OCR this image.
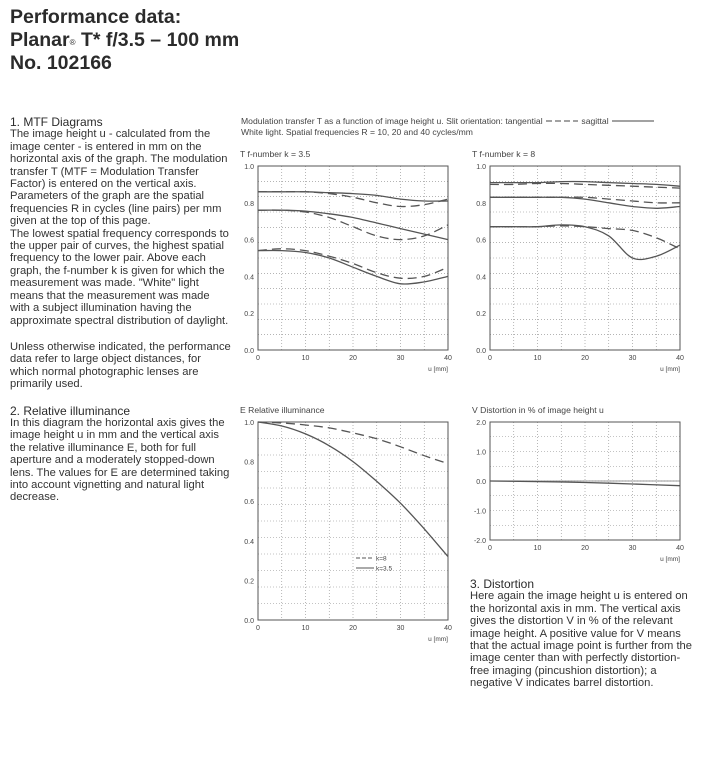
Performance data:
Planar® T* f/3.5 – 100 mm
No. 102166

1. MTF Diagrams

The image height u - calculated from the image center - is entered in mm on the horizontal axis of the graph. The modulation transfer T (MTF = Modulation Transfer Factor) is entered on the vertical axis. Parameters of the graph are the spatial frequencies R in cycles (line pairs) per mm given at the top of this page.

The lowest spatial frequency corresponds to the upper pair of curves, the highest spatial frequency to the lower pair. Above each graph, the f-number k is given for which the measurement was made. "White" light means that the measurement was made with a subject illumination having the approximate spectral distribution of daylight.

Unless otherwise indicated, the performance data refer to large object distances, for which normal photographic lenses are primarily used.

2. Relative illuminance

In this diagram the horizontal axis gives the image height u in mm and the vertical axis the relative illuminance E, both for full aperture and a moderately stopped-down lens. The values for E are determined taking into account vignetting and natural light decrease.

Modulation transfer T as a function of image height u. Slit orientation: tangential	sagittal
White light. Spatial frequencies R = 10, 20 and 40 cycles/mm
T f-number k = 3.5
0.0
0.2
0.4
0.6
0.8
1.0
0	10	20	30	40
u [mm]
T f-number k = 8
0.0
0.2
0.4
0.6
0.8
1.0
0	10	20	30	40
u [mm]
E Relative illuminance
0.0
0.2
0.4
0.6
0.8
1.0
0	10	20	30	40
u [mm]
k=8
k=3.5
V Distortion in % of image height u
-2.0
-1.0
0.0
1.0
2.0
0	10	20	30	40
u [mm]

3. Distortion

Here again the image height u is entered on the horizontal axis in mm. The vertical axis gives the distortion V in % of the relevant image height. A positive value for V means that the actual image point is further from the image center than with perfectly distortion-free imaging (pincushion distortion); a negative V indicates barrel distortion.
